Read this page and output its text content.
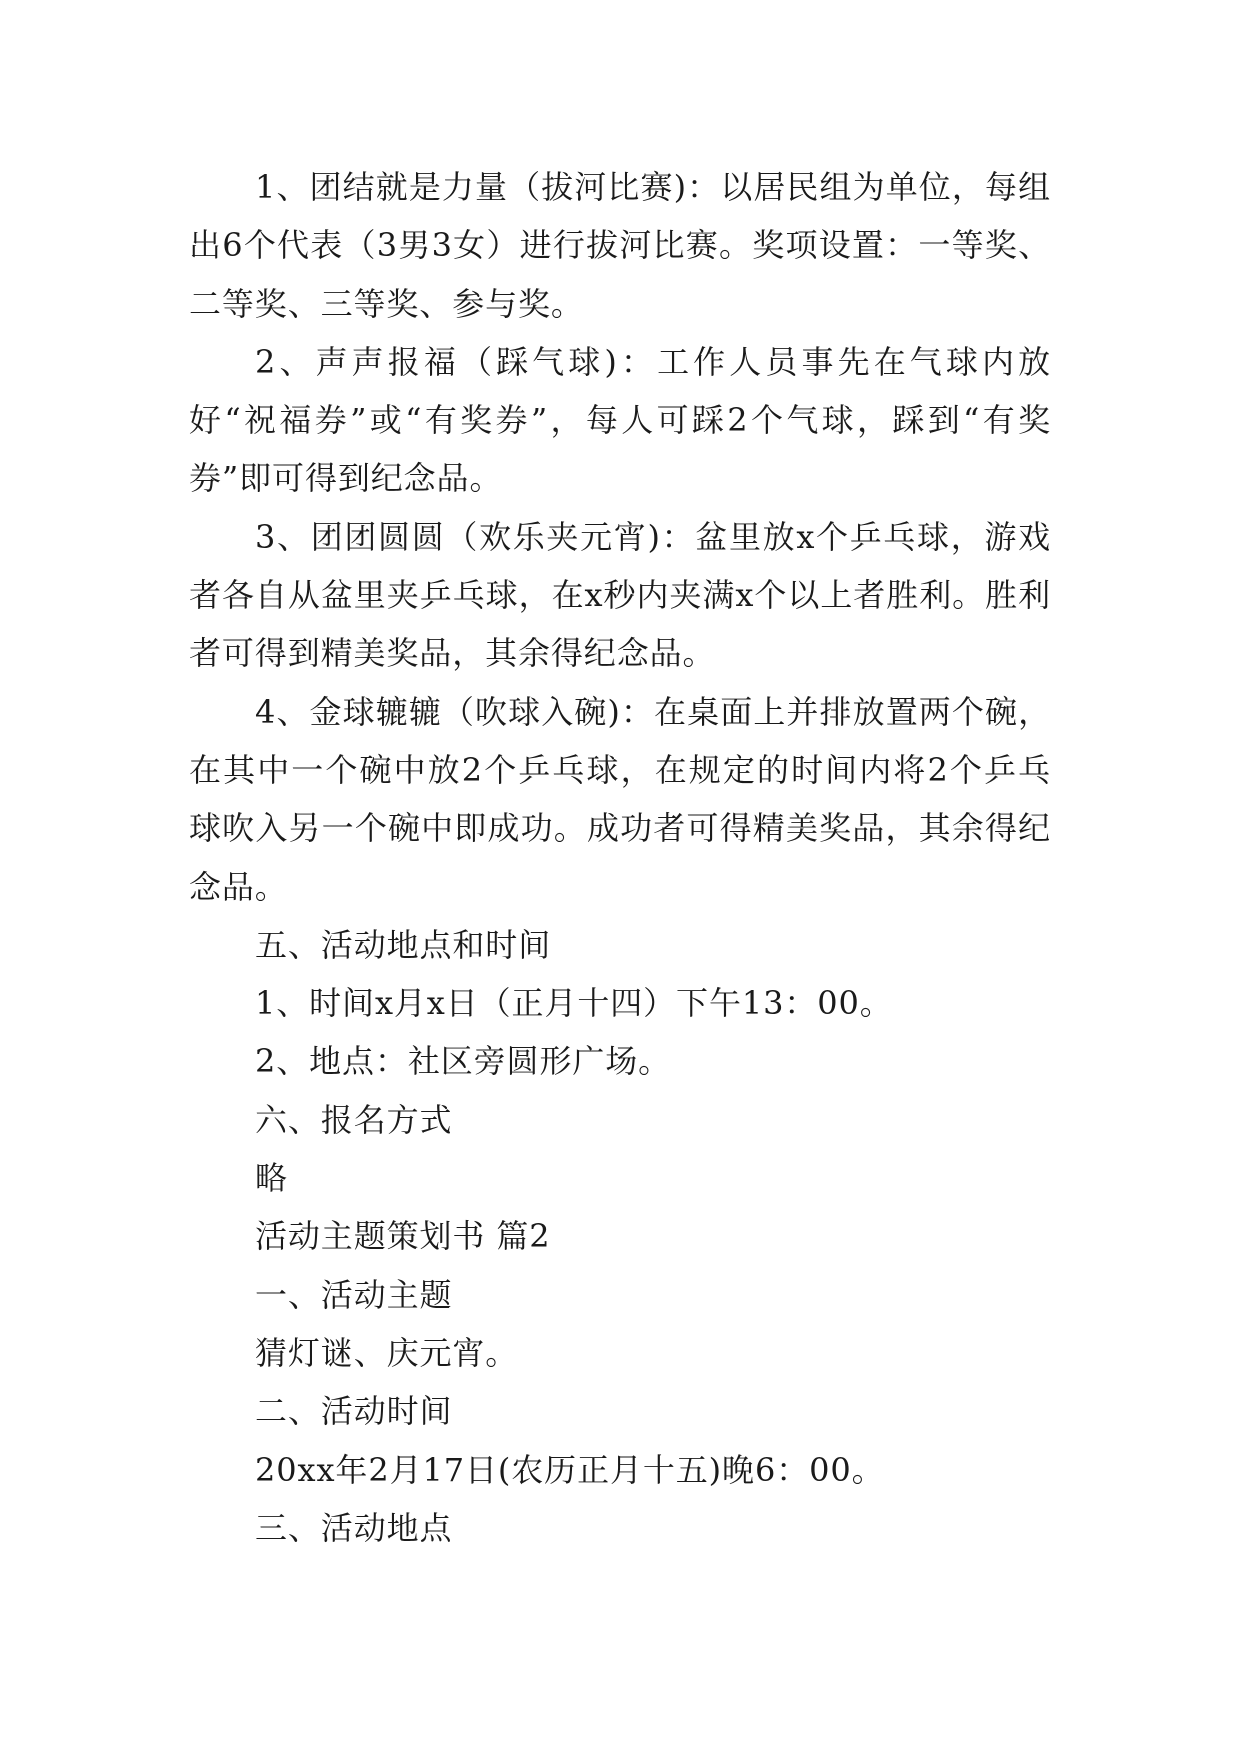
1、团结就是力量（拔河比赛)：以居民组为单位，每组出6个代表（3男3女）进行拔河比赛。奖项设置：一等奖、二等奖、三等奖、参与奖。

2、声声报福（踩气球)：工作人员事先在气球内放好“祝福券”或“有奖券”，每人可踩2个气球，踩到“有奖券”即可得到纪念品。

3、团团圆圆（欢乐夹元宵)：盆里放x个乒乓球，游戏者各自从盆里夹乒乓球，在x秒内夹满x个以上者胜利。胜利者可得到精美奖品，其余得纪念品。

4、金球辘辘（吹球入碗)：在桌面上并排放置两个碗，在其中一个碗中放2个乒乓球，在规定的时间内将2个乒乓球吹入另一个碗中即成功。成功者可得精美奖品，其余得纪念品。

五、活动地点和时间

1、时间x月x日（正月十四）下午13：00。

2、地点：社区旁圆形广场。

六、报名方式

略

活动主题策划书 篇2

一、活动主题

猜灯谜、庆元宵。

二、活动时间

20xx年2月17日(农历正月十五)晚6：00。

三、活动地点
